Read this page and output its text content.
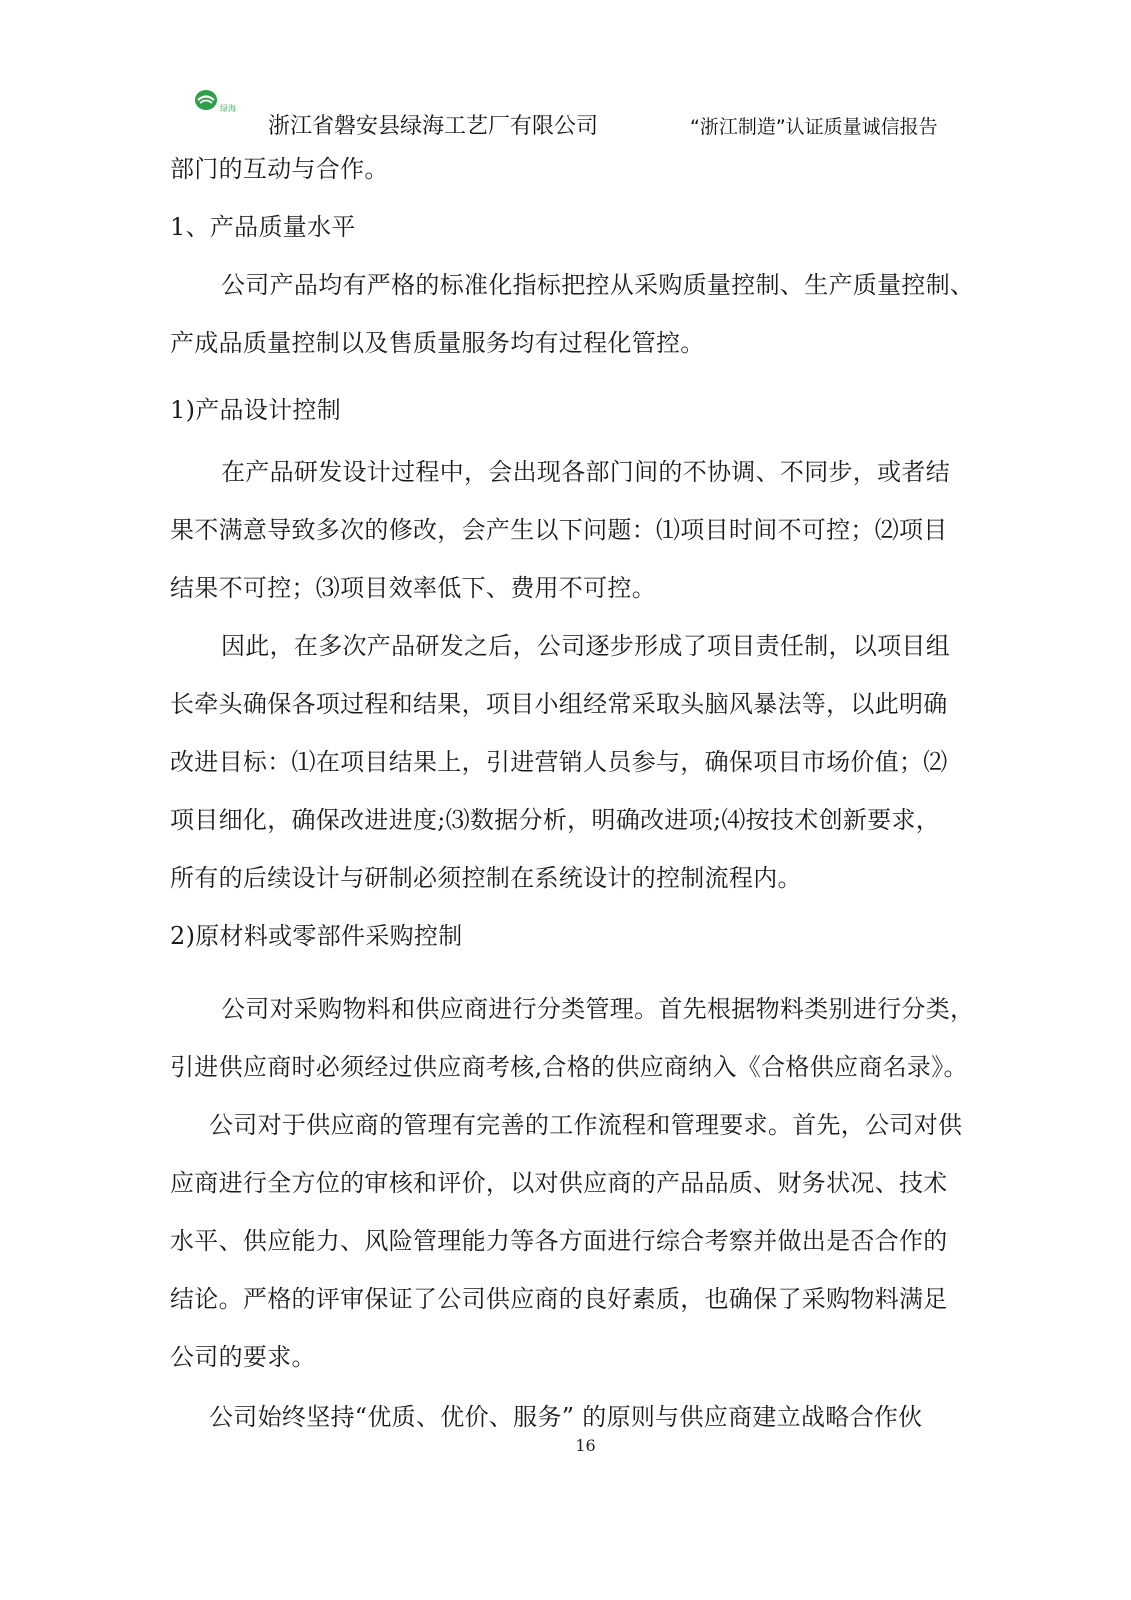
绿海
浙江省磐安县绿海工艺厂有限公司	“浙江制造”认证质量诚信报告
部门的互动与合作。
1、产品质量水平
公司产品均有严格的标准化指标把控从采购质量控制、生产质量控制、
产成品质量控制以及售质量服务均有过程化管控。
1)产品设计控制
在产品研发设计过程中，会出现各部门间的不协调、不同步，或者结
果不满意导致多次的修改，会产生以下问题：⑴项目时间不可控；⑵项目
结果不可控；⑶项目效率低下、费用不可控。
因此，在多次产品研发之后，公司逐步形成了项目责任制，以项目组
长牵头确保各项过程和结果，项目小组经常采取头脑风暴法等，以此明确
改进目标：⑴在项目结果上，引进营销人员参与，确保项目市场价值；⑵
项目细化，确保改进进度;⑶数据分析，明确改进项;⑷按技术创新要求，
所有的后续设计与研制必须控制在系统设计的控制流程内。
2)原材料或零部件采购控制
公司对采购物料和供应商进行分类管理。首先根据物料类别进行分类，
引进供应商时必须经过供应商考核,合格的供应商纳入《合格供应商名录》。
公司对于供应商的管理有完善的工作流程和管理要求。首先，公司对供
应商进行全方位的审核和评价，以对供应商的产品品质、财务状况、技术
水平、供应能力、风险管理能力等各方面进行综合考察并做出是否合作的
结论。严格的评审保证了公司供应商的良好素质，也确保了采购物料满足
公司的要求。
公司始终坚持“优质、优价、服务” 的原则与供应商建立战略合作伙
16
